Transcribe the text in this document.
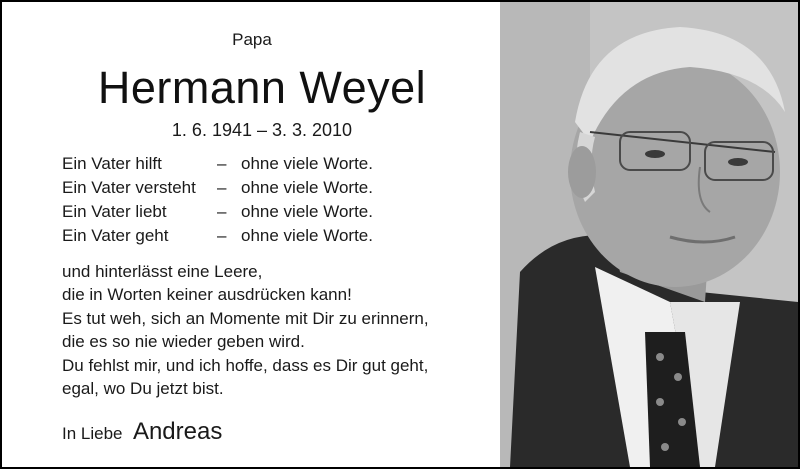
Papa
Hermann Weyel
1. 6. 1941 – 3. 3. 2010
Ein Vater hilft	– ohne viele Worte.
Ein Vater versteht	– ohne viele Worte.
Ein Vater liebt	– ohne viele Worte.
Ein Vater geht	– ohne viele Worte.
und hinterlässt eine Leere,
die in Worten keiner ausdrücken kann!
Es tut weh, sich an Momente mit Dir zu erinnern,
die es so nie wieder geben wird.
Du fehlst mir, und ich hoffe, dass es Dir gut geht,
egal, wo Du jetzt bist.
In Liebe Andreas
